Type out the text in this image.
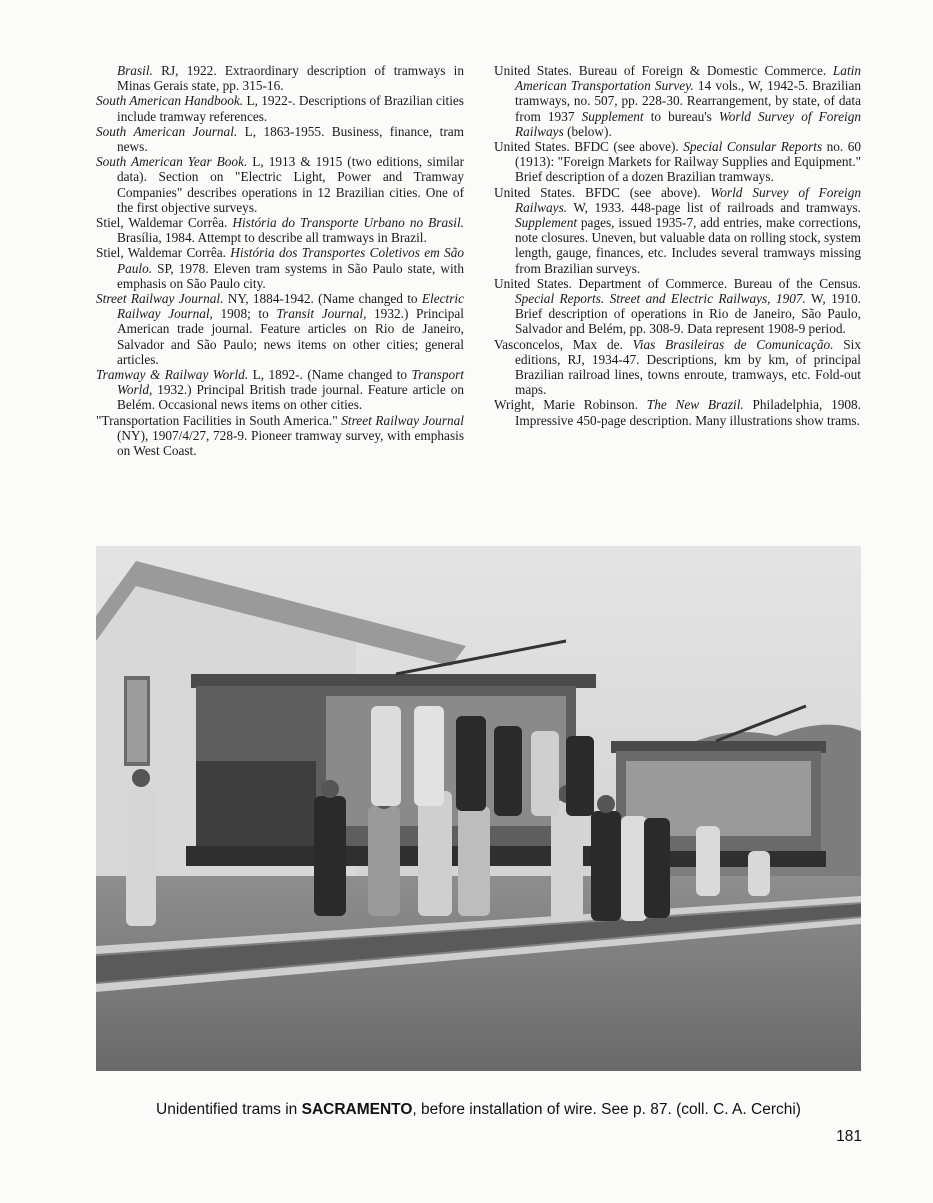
Brasil. RJ, 1922. Extraordinary description of tramways in Minas Gerais state, pp. 315-16.

South American Handbook. L, 1922-. Descriptions of Brazilian cities include tramway references.

South American Journal. L, 1863-1955. Business, finance, tram news.

South American Year Book. L, 1913 & 1915 (two editions, similar data). Section on "Electric Light, Power and Tramway Companies" describes operations in 12 Brazilian cities. One of the first objective surveys.

Stiel, Waldemar Corrêa. História do Transporte Urbano no Brasil. Brasília, 1984. Attempt to describe all tramways in Brazil.

Stiel, Waldemar Corrêa. História dos Transportes Coletivos em São Paulo. SP, 1978. Eleven tram systems in São Paulo state, with emphasis on São Paulo city.

Street Railway Journal. NY, 1884-1942. (Name changed to Electric Railway Journal, 1908; to Transit Journal, 1932.) Principal American trade journal. Feature articles on Rio de Janeiro, Salvador and São Paulo; news items on other cities; general articles.

Tramway & Railway World. L, 1892-. (Name changed to Transport World, 1932.) Principal British trade journal. Feature article on Belém. Occasional news items on other cities.

"Transportation Facilities in South America." Street Railway Journal (NY), 1907/4/27, 728-9. Pioneer tramway survey, with emphasis on West Coast.

United States. Bureau of Foreign & Domestic Commerce. Latin American Transportation Survey. 14 vols., W, 1942-5. Brazilian tramways, no. 507, pp. 228-30. Rearrangement, by state, of data from 1937 Supplement to bureau's World Survey of Foreign Railways (below).

United States. BFDC (see above). Special Consular Reports no. 60 (1913): "Foreign Markets for Railway Supplies and Equipment." Brief description of a dozen Brazilian tramways.

United States. BFDC (see above). World Survey of Foreign Railways. W, 1933. 448-page list of railroads and tramways. Supplement pages, issued 1935-7, add entries, make corrections, note closures. Uneven, but valuable data on rolling stock, system length, gauge, finances, etc. Includes several tramways missing from Brazilian surveys.

United States. Department of Commerce. Bureau of the Census. Special Reports. Street and Electric Railways, 1907. W, 1910. Brief description of operations in Rio de Janeiro, São Paulo, Salvador and Belém, pp. 308-9. Data represent 1908-9 period.

Vasconcelos, Max de. Vias Brasileiras de Comunicação. Six editions, RJ, 1934-47. Descriptions, km by km, of principal Brazilian railroad lines, towns enroute, tramways, etc. Fold-out maps.

Wright, Marie Robinson. The New Brazil. Philadelphia, 1908. Impressive 450-page description. Many illustrations show trams.

Unidentified trams in SACRAMENTO, before installation of wire. See p. 87. (coll. C. A. Cerchi)
181
